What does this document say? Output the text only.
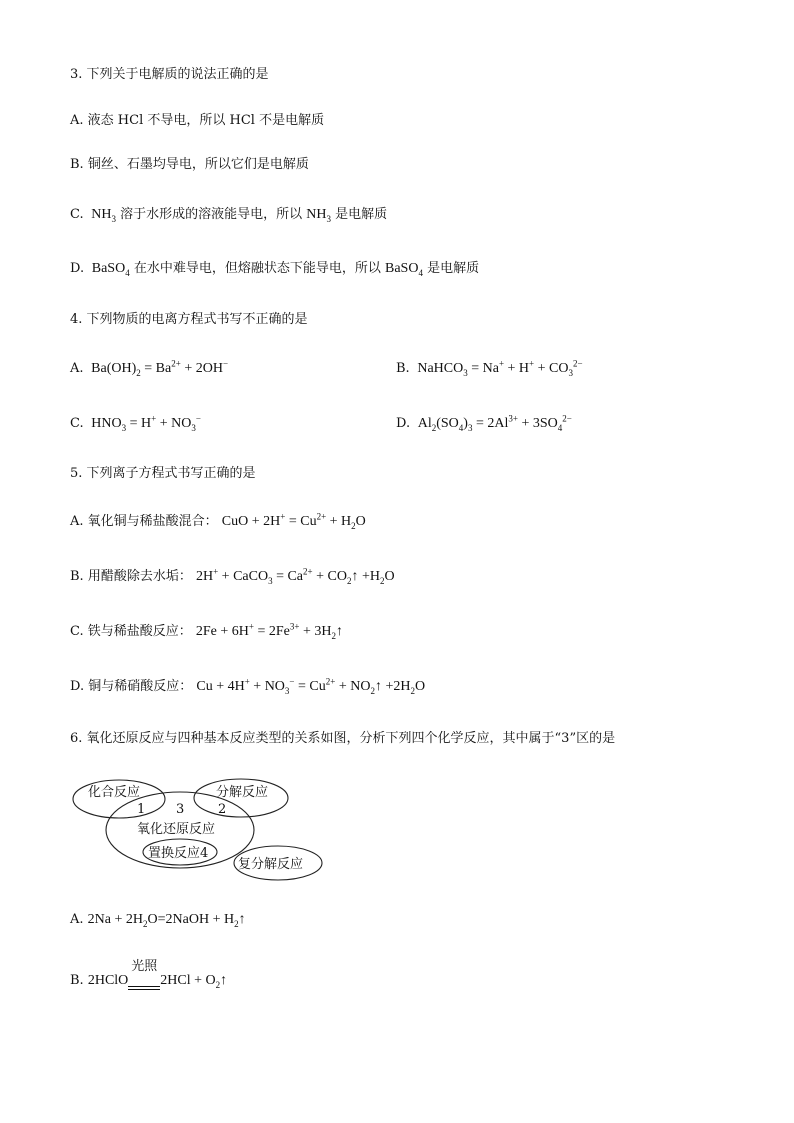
3. 下列关于电解质的说法正确的是
A. 液态 HCl 不导电，所以 HCl 不是电解质
B. 铜丝、石墨均导电，所以它们是电解质
C.  $NH_3$ 溶于水形成的溶液能导电，所以 $NH_3$ 是电解质
D.  BaSO$_4$ 在水中难导电，但熔融状态下能导电，所以 BaSO$_4$ 是电解质
4. 下列物质的电离方程式书写不正确的是
A.  $Ba(OH)_2 = Ba^{2+} + 2OH^-$	B.  NaHCO$_3$ = $Na^+ + H^+ + CO_3^{2-}$
C.  $HNO_3 = H^+ + NO_3^-$	D.  $Al_2(SO_4)_3 = 2Al^{3+} + 3SO_4^{2-}$
5. 下列离子方程式书写正确的是
A. 氧化铜与稀盐酸混合： CuO + $2H^+ = Cu^{2+} + H_2O$
B. 用醋酸除去水垢： 2H+ + CaCO$_3$ = $Ca^{2+}$ + $CO_2↑ +H_2O$
C. 铁与稀盐酸反应： $2Fe + 6H^+ = 2Fe^{3+}$ + $3H_2↑$
D. 铜与稀硝酸反应： $Cu + 4H^+ + NO_3^- = Cu^{2+}$ + $NO_2↑ +2H_2O$
6. 氧化还原反应与四种基本反应类型的关系如图，分析下列四个化学反应，其中属于“3”区的是
化合反应	分解反应
1 3	2
氧化还原反应
置换反应4
复分解反应
A. $2Na + 2H_2O=2NaOH$ + $H_2↑$
B. 2HClO
光照
$2HCl + O_2↑$
